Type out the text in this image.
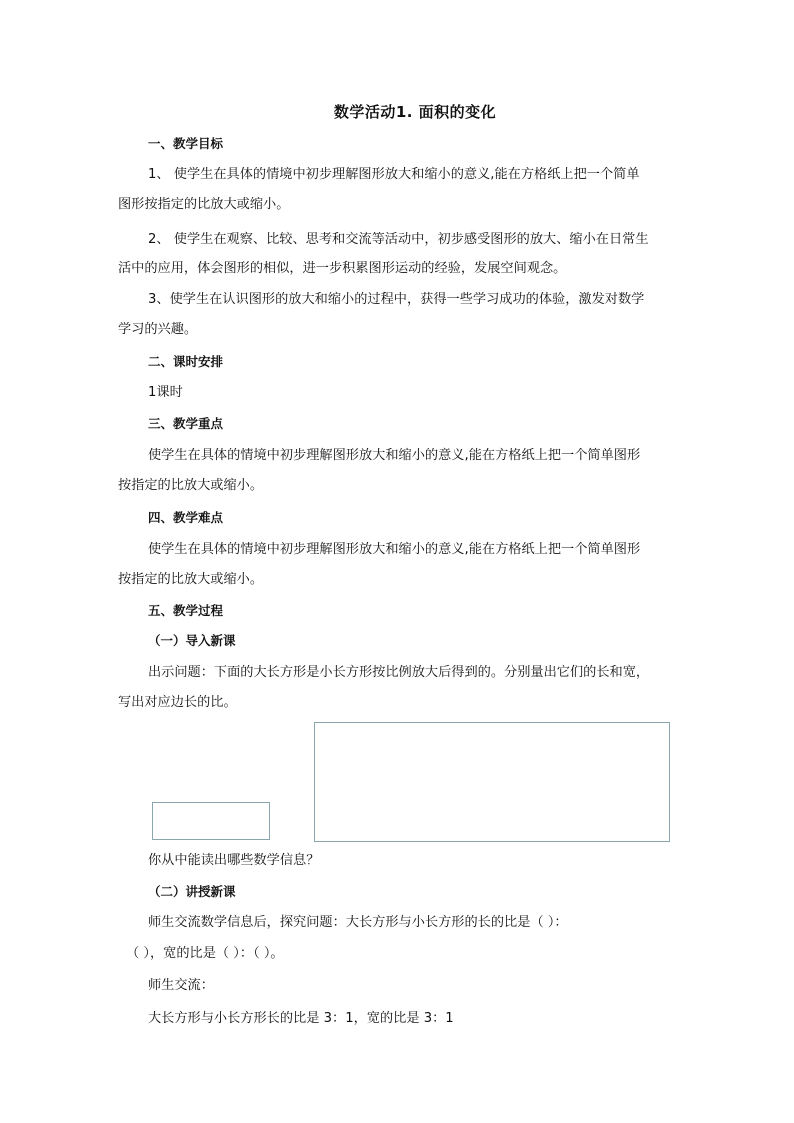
数学活动1. 面积的变化
一、教学目标
1、 使学生在具体的情境中初步理解图形放大和缩小的意义,能在方格纸上把一个简单
图形按指定的比放大或缩小。
2、 使学生在观察、比较、思考和交流等活动中，初步感受图形的放大、缩小在日常生
活中的应用，体会图形的相似，进一步积累图形运动的经验，发展空间观念。
3、使学生在认识图形的放大和缩小的过程中，获得一些学习成功的体验，激发对数学
学习的兴趣。
二、课时安排
1课时
三、教学重点
使学生在具体的情境中初步理解图形放大和缩小的意义,能在方格纸上把一个简单图形
按指定的比放大或缩小。
四、教学难点
使学生在具体的情境中初步理解图形放大和缩小的意义,能在方格纸上把一个简单图形
按指定的比放大或缩小。
五、教学过程
（一）导入新课
出示问题：下面的大长方形是小长方形按比例放大后得到的。分别量出它们的长和宽，
写出对应边长的比。
你从中能读出哪些数学信息？
（二）讲授新课
师生交流数学信息后，探究问题：大长方形与小长方形的长的比是（ ）：
（ ），宽的比是（ ）：（ ）。
师生交流：
大长方形与小长方形长的比是 3：1，宽的比是 3：1
